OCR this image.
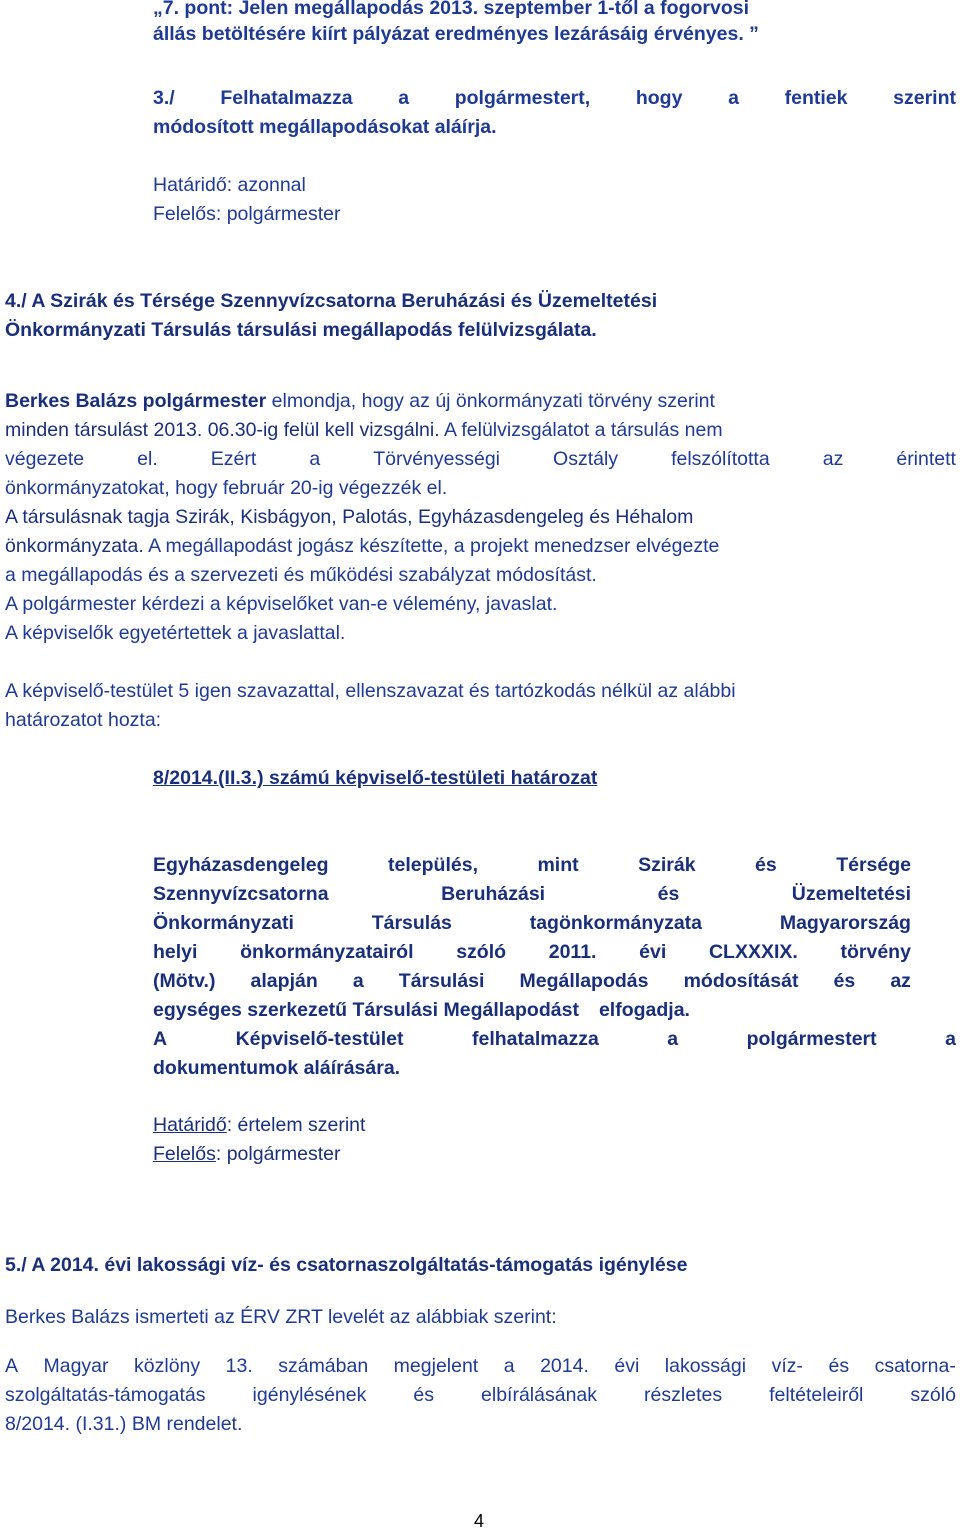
„7. pont: Jelen megállapodás 2013. szeptember 1-től a fogorvosi
állás betöltésére kiírt pályázat eredményes lezárásáig érvényes. ”
3./ Felhatalmazza a polgármestert, hogy a fentiek szerint
módosított megállapodásokat aláírja.
Határidő: azonnal
Felelős: polgármester
4./ A Szirák és Térsége Szennyvízcsatorna Beruházási és Üzemeltetési
Önkormányzati Társulás társulási megállapodás felülvizsgálata.
Berkes Balázs polgármester elmondja, hogy az új önkormányzati törvény szerint
minden társulást 2013. 06.30-ig felül kell vizsgálni. A felülvizsgálatot a társulás nem
végezete	el.	Ezért	a	Törvényességi	Osztály	felszólította	az	érintett
önkormányzatokat, hogy február 20-ig végezzék el.
A társulásnak tagja Szirák, Kisbágyon, Palotás, Egyházasdengeleg és Héhalom
önkormányzata. A megállapodást jogász készítette, a projekt menedzser elvégezte
a megállapodás és a szervezeti és működési szabályzat módosítást.
A polgármester kérdezi a képviselőket van-e vélemény, javaslat.
A képviselők egyetértettek a javaslattal.
A képviselő-testület 5 igen szavazattal, ellenszavazat és tartózkodás nélkül az alábbi
határozatot hozta:
8/2014.(II.3.) számú képviselő-testületi határozat
Egyházasdengeleg	település,	mint	Szirák	és	Térsége
Szennyvízcsatorna	Beruházási	és	Üzemeltetési
Önkormányzati	Társulás	tagönkormányzata	Magyarország
helyi önkormányzatairól szóló 2011. évi CLXXXIX. törvény
(Mötv.) alapján a Társulási Megállapodás módosítását és az
egységes szerkezetű Társulási Megállapodást elfogadja.
A	Képviselő-testület	felhatalmazza	a	polgármestert	a
dokumentumok aláírására.
Határidő: értelem szerint
Felelős: polgármester
5./ A 2014. évi lakossági víz- és csatornaszolgáltatás-támogatás igénylése
Berkes Balázs ismerteti az ÉRV ZRT levelét az alábbiak szerint:
A Magyar közlöny 13. számában megjelent a 2014. évi lakossági víz- és csatorna-
szolgáltatás-támogatás igénylésének és elbírálásának részletes feltételeiről szóló
8/2014. (I.31.) BM rendelet.
4
